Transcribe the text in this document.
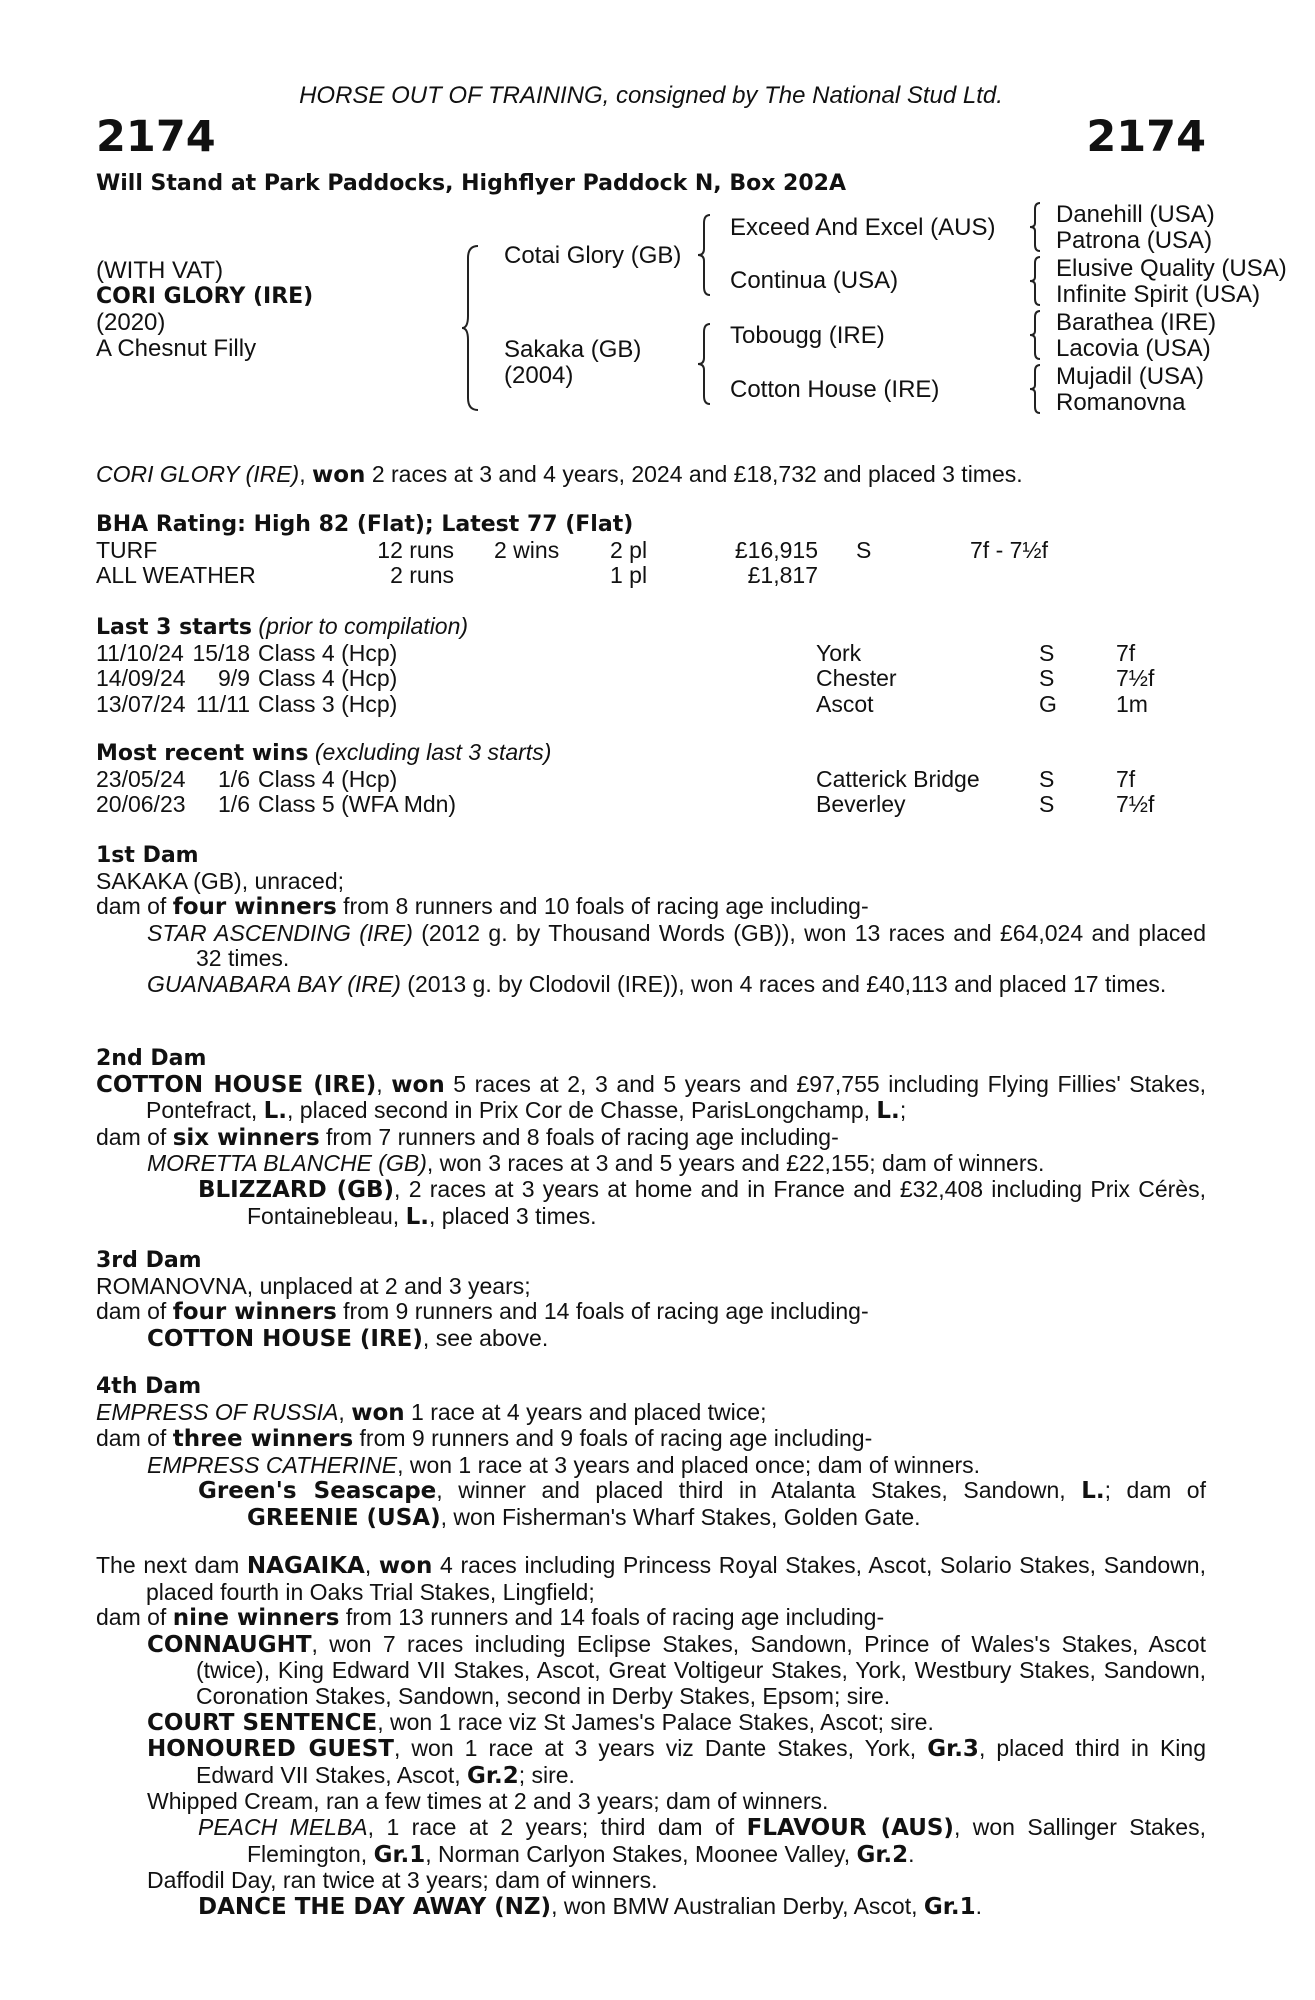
HORSE OUT OF TRAINING, consigned by The National Stud Ltd.
2174	2174
Will Stand at Park Paddocks, Highflyer Paddock N, Box 202A
(WITH VAT)
CORI GLORY (IRE)
(2020)
A Chesnut Filly
Cotai Glory (GB)
Sakaka (GB)
(2004)
Exceed And Excel (AUS)
Continua (USA)
Tobougg (IRE)
Cotton House (IRE)
Danehill (USA)
Patrona (USA)
Elusive Quality (USA)
Infinite Spirit (USA)
Barathea (IRE)
Lacovia (USA)
Mujadil (USA)
Romanovna
CORI GLORY (IRE), won 2 races at 3 and 4 years, 2024 and £18,732 and placed 3 times.
BHA Rating: High 82 (Flat); Latest 77 (Flat)
TURF	12 runs 2 wins 2 pl	£16,915 S	7f - 7½f
ALL WEATHER	2 runs	1 pl	£1,817
Last 3 starts (prior to compilation)
11/10/24 15/18 Class 4 (Hcp)	York	S	7f
14/09/24	9/9 Class 4 (Hcp)	Chester	S	7½f
13/07/24 11/11 Class 3 (Hcp)	Ascot	G	1m
Most recent wins (excluding last 3 starts)
23/05/24	1/6 Class 4 (Hcp)	Catterick Bridge	S	7f
20/06/23	1/6 Class 5 (WFA Mdn)	Beverley	S	7½f
1st Dam
SAKAKA (GB), unraced;
dam of four winners from 8 runners and 10 foals of racing age including-
STAR ASCENDING (IRE) (2012 g. by Thousand Words (GB)), won 13 races and £64,024 and placed 32 times.
GUANABARA BAY (IRE) (2013 g. by Clodovil (IRE)), won 4 races and £40,113 and placed 17 times.
2nd Dam
COTTON HOUSE (IRE), won 5 races at 2, 3 and 5 years and £97,755 including Flying Fillies' Stakes, Pontefract, L., placed second in Prix Cor de Chasse, ParisLongchamp, L.;
dam of six winners from 7 runners and 8 foals of racing age including-
MORETTA BLANCHE (GB), won 3 races at 3 and 5 years and £22,155; dam of winners.
BLIZZARD (GB), 2 races at 3 years at home and in France and £32,408 including Prix Cérès, Fontainebleau, L., placed 3 times.
3rd Dam
ROMANOVNA, unplaced at 2 and 3 years;
dam of four winners from 9 runners and 14 foals of racing age including-
COTTON HOUSE (IRE), see above.
4th Dam
EMPRESS OF RUSSIA, won 1 race at 4 years and placed twice;
dam of three winners from 9 runners and 9 foals of racing age including-
EMPRESS CATHERINE, won 1 race at 3 years and placed once; dam of winners.
Green's Seascape, winner and placed third in Atalanta Stakes, Sandown, L.; dam of GREENIE (USA), won Fisherman's Wharf Stakes, Golden Gate.
The next dam NAGAIKA, won 4 races including Princess Royal Stakes, Ascot, Solario Stakes, Sandown, placed fourth in Oaks Trial Stakes, Lingfield;
dam of nine winners from 13 runners and 14 foals of racing age including-
CONNAUGHT, won 7 races including Eclipse Stakes, Sandown, Prince of Wales's Stakes, Ascot (twice), King Edward VII Stakes, Ascot, Great Voltigeur Stakes, York, Westbury Stakes, Sandown, Coronation Stakes, Sandown, second in Derby Stakes, Epsom; sire.
COURT SENTENCE, won 1 race viz St James's Palace Stakes, Ascot; sire.
HONOURED GUEST, won 1 race at 3 years viz Dante Stakes, York, Gr.3, placed third in King Edward VII Stakes, Ascot, Gr.2; sire.
Whipped Cream, ran a few times at 2 and 3 years; dam of winners.
PEACH MELBA, 1 race at 2 years; third dam of FLAVOUR (AUS), won Sallinger Stakes, Flemington, Gr.1, Norman Carlyon Stakes, Moonee Valley, Gr.2.
Daffodil Day, ran twice at 3 years; dam of winners.
DANCE THE DAY AWAY (NZ), won BMW Australian Derby, Ascot, Gr.1.
